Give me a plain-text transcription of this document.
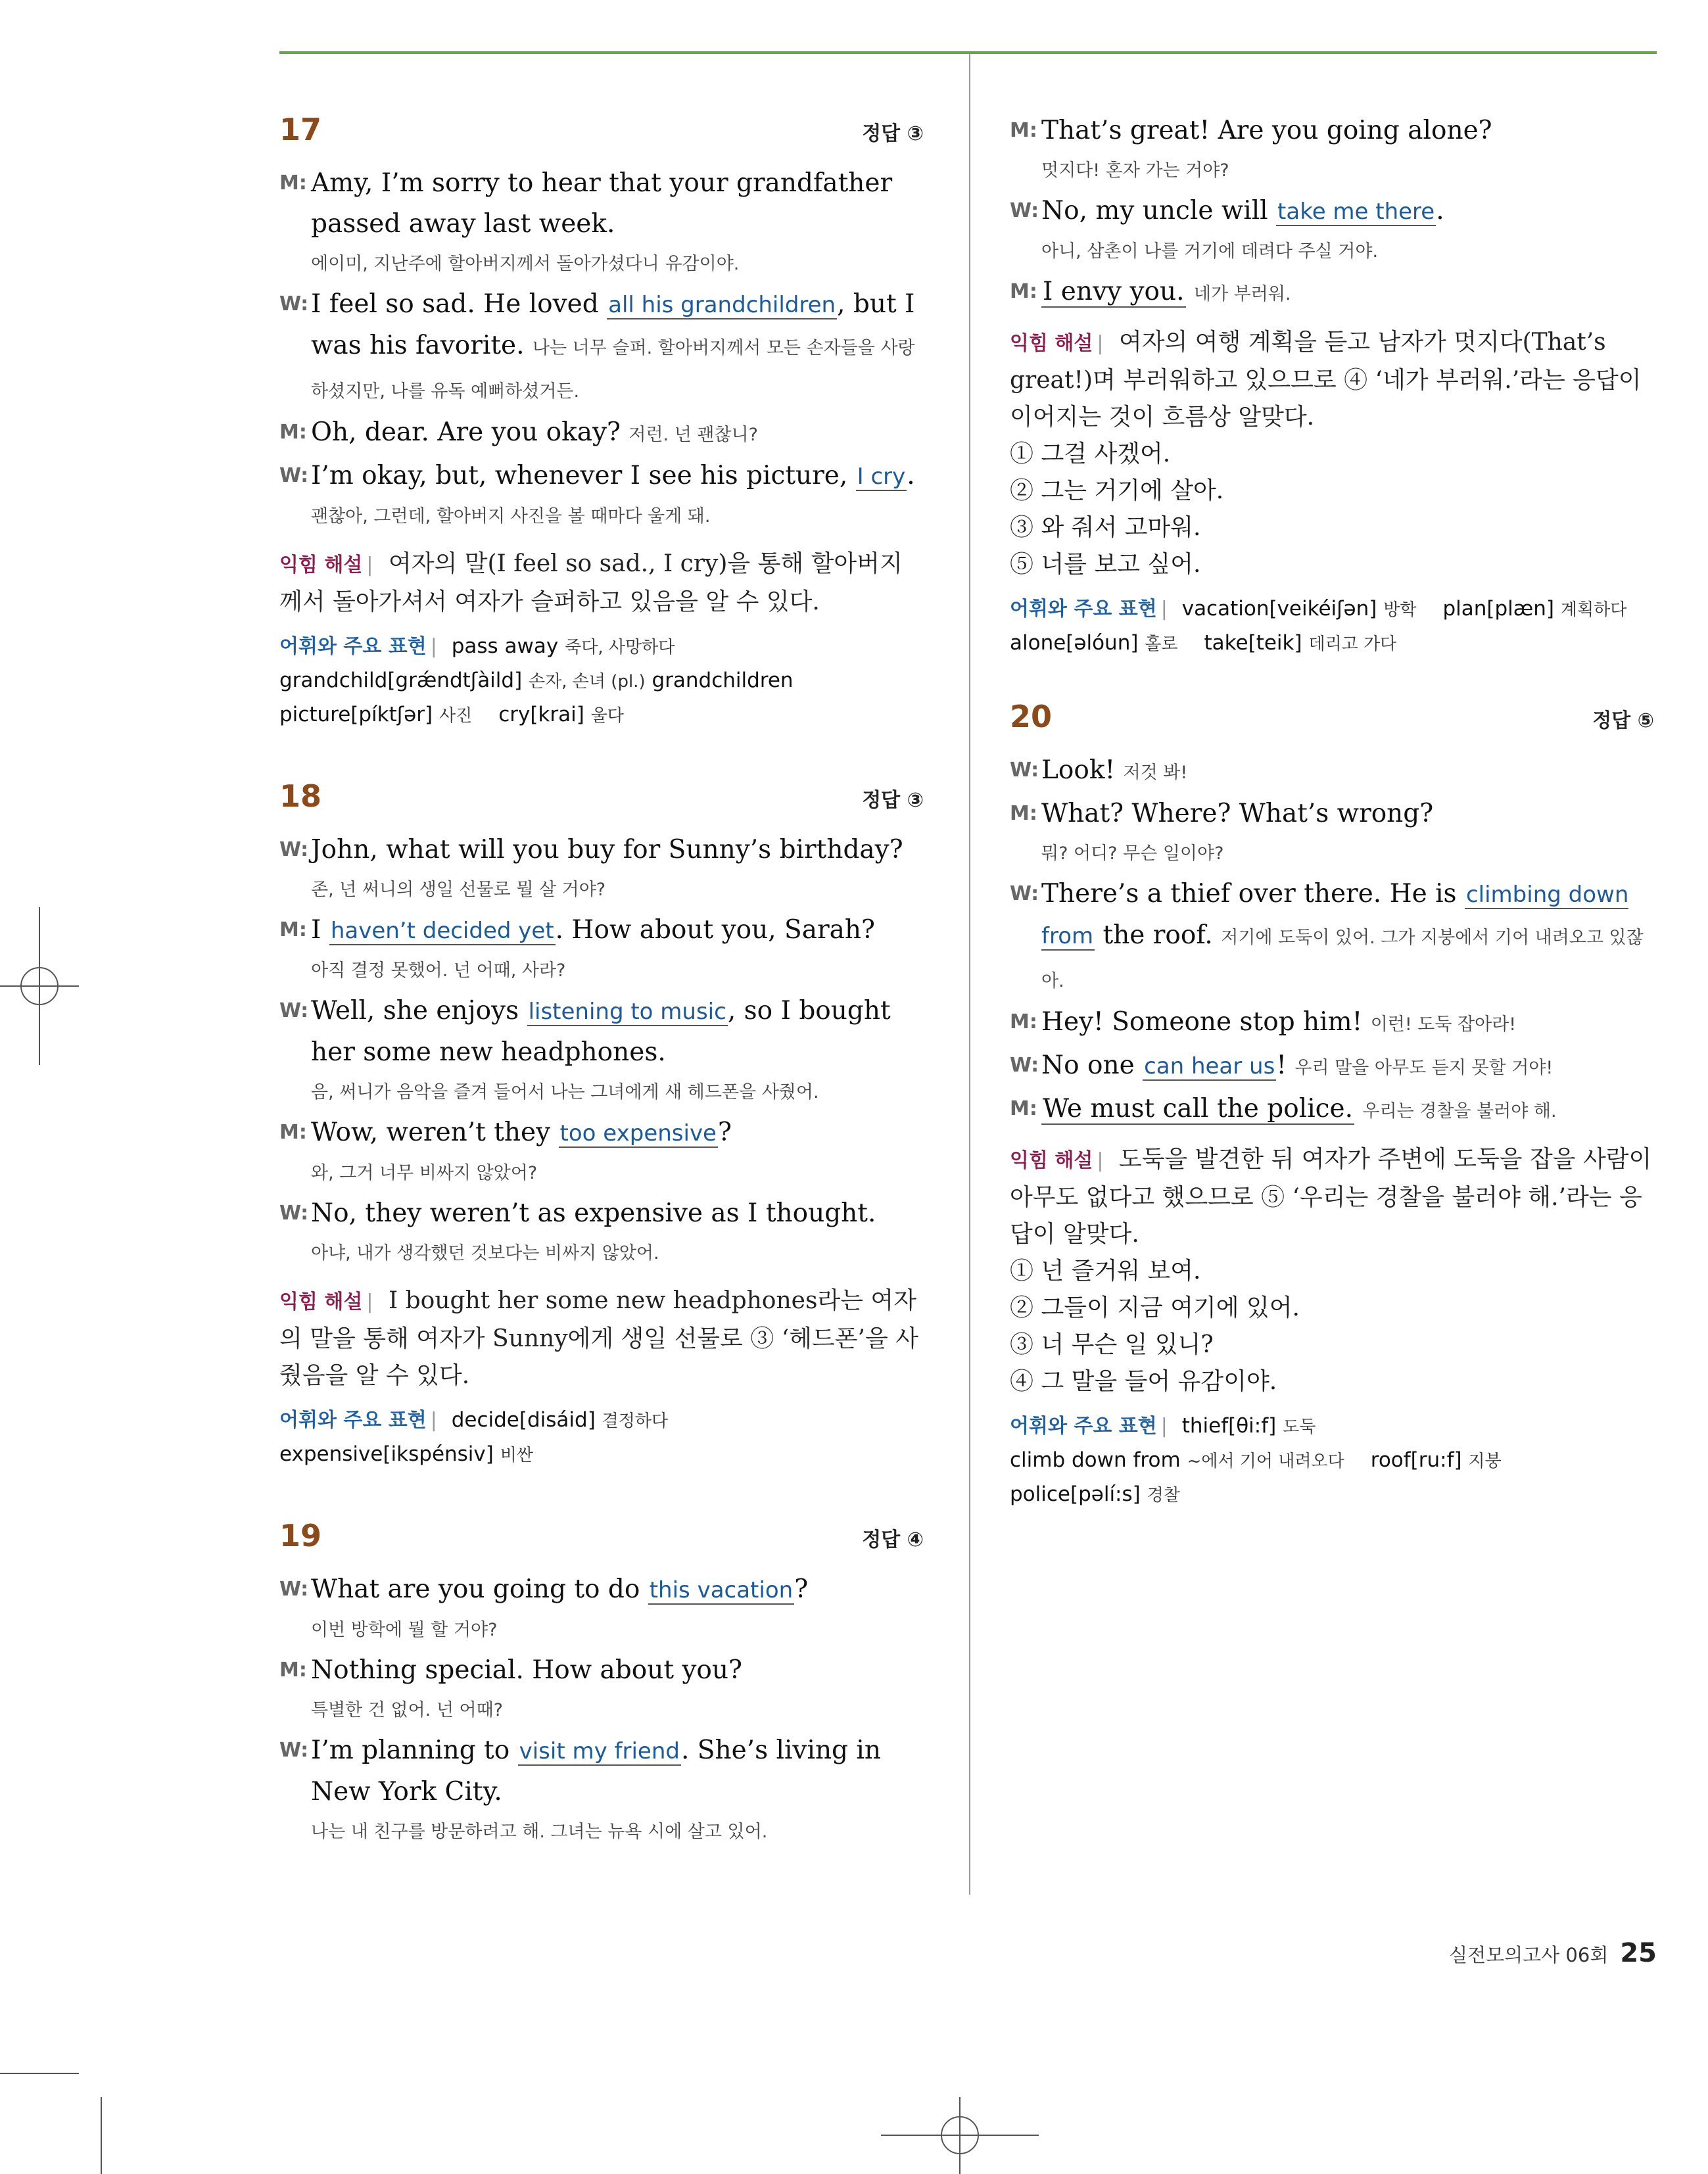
17	정답 ③
M: Amy, I’m sorry to hear that your grandfather passed away last week.
에이미, 지난주에 할아버지께서 돌아가셨다니 유감이야.
W: I feel so sad. He loved all his grandchildren, but I was his favorite. 나는 너무 슬퍼. 할아버지께서 모든 손자들을 사랑하셨지만, 나를 유독 예뻐하셨거든.
M: Oh, dear. Are you okay? 저런. 넌 괜찮니?
W: I’m okay, but, whenever I see his picture, I cry.
괜찮아, 그런데, 할아버지 사진을 볼 때마다 울게 돼.
익힘 해설 | 여자의 말(I feel so sad., I cry)을 통해 할아버지께서 돌아가셔서 여자가 슬퍼하고 있음을 알 수 있다.
어휘와 주요 표현 | pass away 죽다, 사망하다
grandchild[grǽndtʃàild] 손자, 손녀 (pl.) grandchildren
picture[píktʃər] 사진 cry[krai] 울다
18	정답 ③
W: John, what will you buy for Sunny’s birthday?
존, 넌 써니의 생일 선물로 뭘 살 거야?
M: I haven’t decided yet. How about you, Sarah?
아직 결정 못했어. 넌 어때, 사라?
W: Well, she enjoys listening to music, so I bought her some new headphones.
음, 써니가 음악을 즐겨 들어서 나는 그녀에게 새 헤드폰을 사줬어.
M: Wow, weren’t they too expensive?
와, 그거 너무 비싸지 않았어?
W: No, they weren’t as expensive as I thought.
아냐, 내가 생각했던 것보다는 비싸지 않았어.
익힘 해설 | I bought her some new headphones라는 여자의 말을 통해 여자가 Sunny에게 생일 선물로 ③ ‘헤드폰’을 사줬음을 알 수 있다.
어휘와 주요 표현 | decide[disáid] 결정하다
expensive[ikspénsiv] 비싼
19	정답 ④
W: What are you going to do this vacation?
이번 방학에 뭘 할 거야?
M: Nothing special. How about you?
특별한 건 없어. 넌 어때?
W: I’m planning to visit my friend. She’s living in New York City.
나는 내 친구를 방문하려고 해. 그녀는 뉴욕 시에 살고 있어.
M: That’s great! Are you going alone?
멋지다! 혼자 가는 거야?
W: No, my uncle will take me there.
아니, 삼촌이 나를 거기에 데려다 주실 거야.
M: I envy you. 네가 부러워.
익힘 해설 | 여자의 여행 계획을 듣고 남자가 멋지다(That’s great!)며 부러워하고 있으므로 ④ ‘네가 부러워.’라는 응답이 이어지는 것이 흐름상 알맞다.
① 그걸 사겠어.
② 그는 거기에 살아.
③ 와 줘서 고마워.
⑤ 너를 보고 싶어.
어휘와 주요 표현 | vacation[veikéiʃən] 방학 plan[plæn] 계획하다
alone[əlóun] 홀로 take[teik] 데리고 가다
20	정답 ⑤
W: Look! 저것 봐!
M: What? Where? What’s wrong?
뭐? 어디? 무슨 일이야?
W: There’s a thief over there. He is climbing down from the roof. 저기에 도둑이 있어. 그가 지붕에서 기어 내려오고 있잖아.
M: Hey! Someone stop him! 이런! 도둑 잡아라!
W: No one can hear us! 우리 말을 아무도 듣지 못할 거야!
M: We must call the police. 우리는 경찰을 불러야 해.
익힘 해설 | 도둑을 발견한 뒤 여자가 주변에 도둑을 잡을 사람이 아무도 없다고 했으므로 ⑤ ‘우리는 경찰을 불러야 해.’라는 응답이 알맞다.
① 넌 즐거워 보여.
② 그들이 지금 여기에 있어.
③ 너 무슨 일 있니?
④ 그 말을 들어 유감이야.
어휘와 주요 표현 | thief[θi:f] 도둑
climb down from ~에서 기어 내려오다 roof[ru:f] 지붕
police[pəlí:s] 경찰
실전모의고사 06회 25
